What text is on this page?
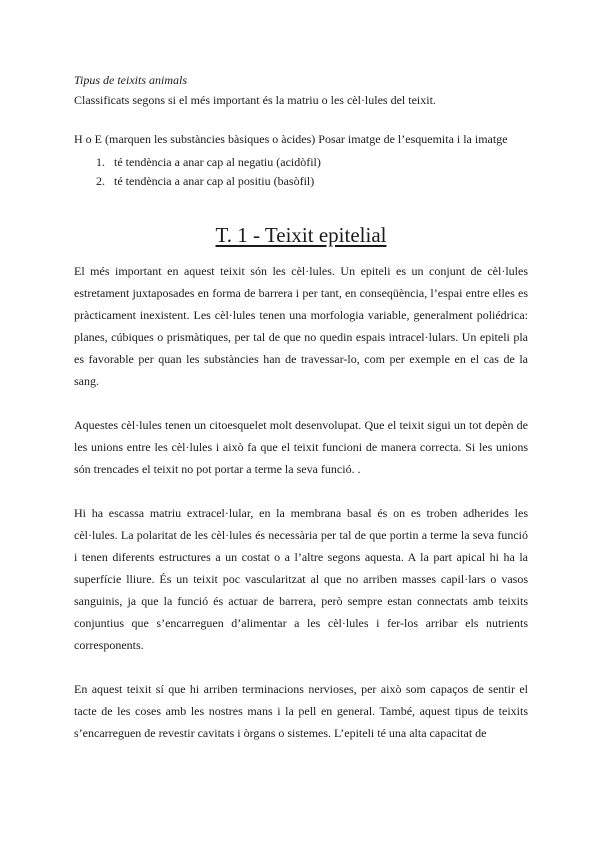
Tipus de teixits animals

Classificats segons si el més important és la matriu o les cèl·lules del teixit.

H o E (marquen les substàncies bàsiques o àcides) Posar imatge de l’esquemita i la imatge

1. té tendència a anar cap al negatiu (acidòfil)
2. té tendència a anar cap al positiu (basòfil)
T. 1 - Teixit epitelial

El més important en aquest teixit són les cèl·lules. Un epiteli es un conjunt de cèl·lules estretament juxtaposades en forma de barrera i per tant, en conseqüència, l’espai entre elles es pràcticament inexistent. Les cèl·lules tenen una morfologia variable, generalment poliédrica: planes, cúbiques o prismàtiques, per tal de que no quedin espais intracel·lulars. Un epiteli pla es favorable per quan les substàncies han de travessar-lo, com per exemple en el cas de la sang.

Aquestes cèl·lules tenen un citoesquelet molt desenvolupat. Que el teixit sigui un tot depèn de les unions entre les cèl·lules i això fa que el teixit funcioni de manera correcta. Si les unions són trencades el teixit no pot portar a terme la seva funció. .

Hi ha escassa matriu extracel·lular, en la membrana basal és on es troben adherides les cèl·lules. La polaritat de les cèl·lules és necessària per tal de que portin a terme la seva funció i tenen diferents estructures a un costat o a l’altre segons aquesta. A la part apical hi ha la superfície lliure. És un teixit poc vascularitzat al que no arriben masses capil·lars o vasos sanguinis, ja que la funció és actuar de barrera, però sempre estan connectats amb teixits conjuntius que s’encarreguen d’alimentar a les cèl·lules i fer-los arribar els nutrients corresponents.

En aquest teixit sí que hi arriben terminacions nervioses, per això som capaços de sentir el tacte de les coses amb les nostres mans i la pell en general. També, aquest tipus de teixits s’encarreguen de revestir cavitats i òrgans o sistemes. L’epiteli té una alta capacitat de
